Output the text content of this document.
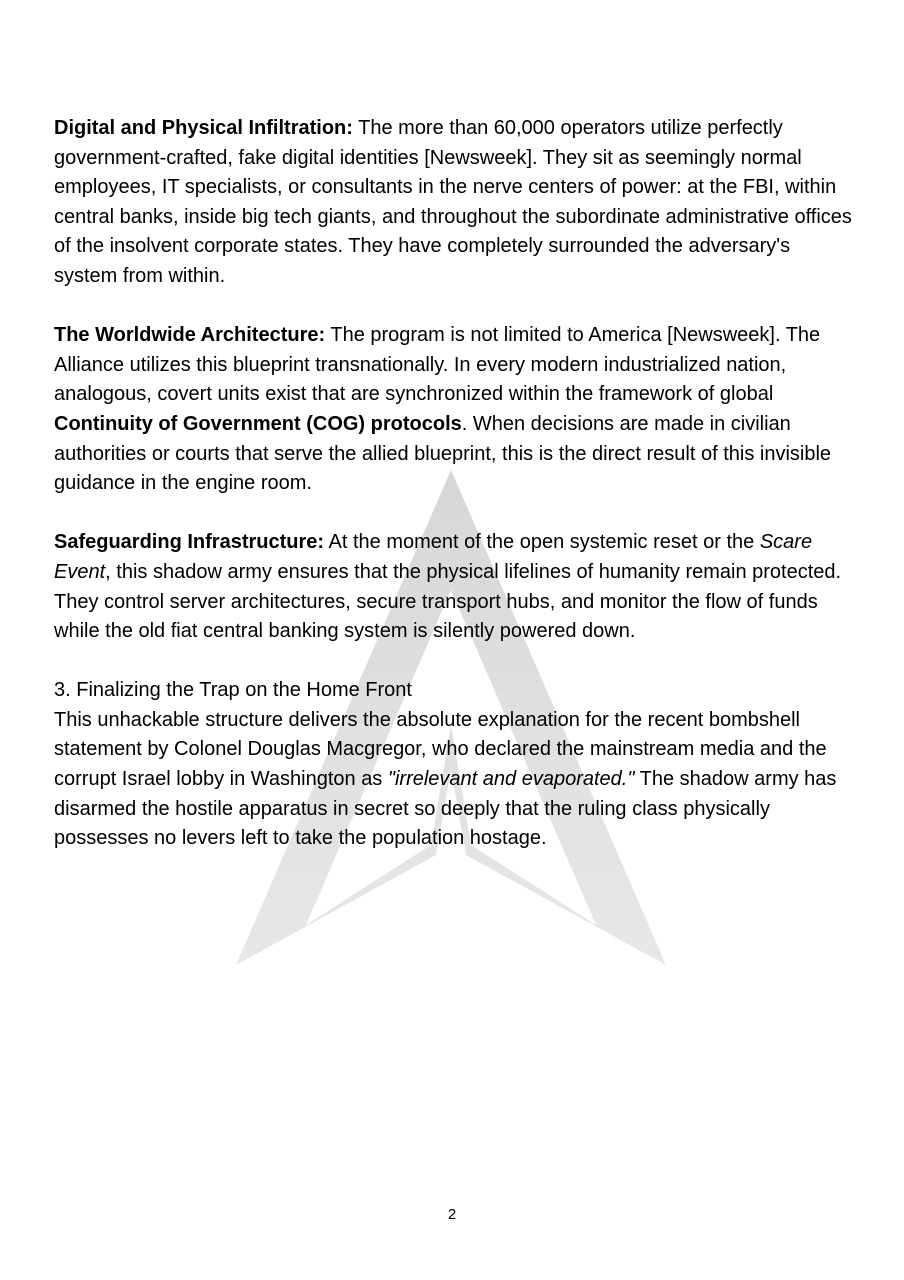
Digital and Physical Infiltration: The more than 60,000 operators utilize perfectly government-crafted, fake digital identities [Newsweek]. They sit as seemingly normal employees, IT specialists, or consultants in the nerve centers of power: at the FBI, within central banks, inside big tech giants, and throughout the subordinate administrative offices of the insolvent corporate states. They have completely surrounded the adversary's system from within.

The Worldwide Architecture: The program is not limited to America [Newsweek]. The Alliance utilizes this blueprint transnationally. In every modern industrialized nation, analogous, covert units exist that are synchronized within the framework of global Continuity of Government (COG) protocols. When decisions are made in civilian authorities or courts that serve the allied blueprint, this is the direct result of this invisible guidance in the engine room.

Safeguarding Infrastructure: At the moment of the open systemic reset or the Scare Event, this shadow army ensures that the physical lifelines of humanity remain protected. They control server architectures, secure transport hubs, and monitor the flow of funds while the old fiat central banking system is silently powered down.

3. Finalizing the Trap on the Home Front

This unhackable structure delivers the absolute explanation for the recent bombshell statement by Colonel Douglas Macgregor, who declared the mainstream media and the corrupt Israel lobby in Washington as "irrelevant and evaporated." The shadow army has disarmed the hostile apparatus in secret so deeply that the ruling class physically possesses no levers left to take the population hostage.

2
